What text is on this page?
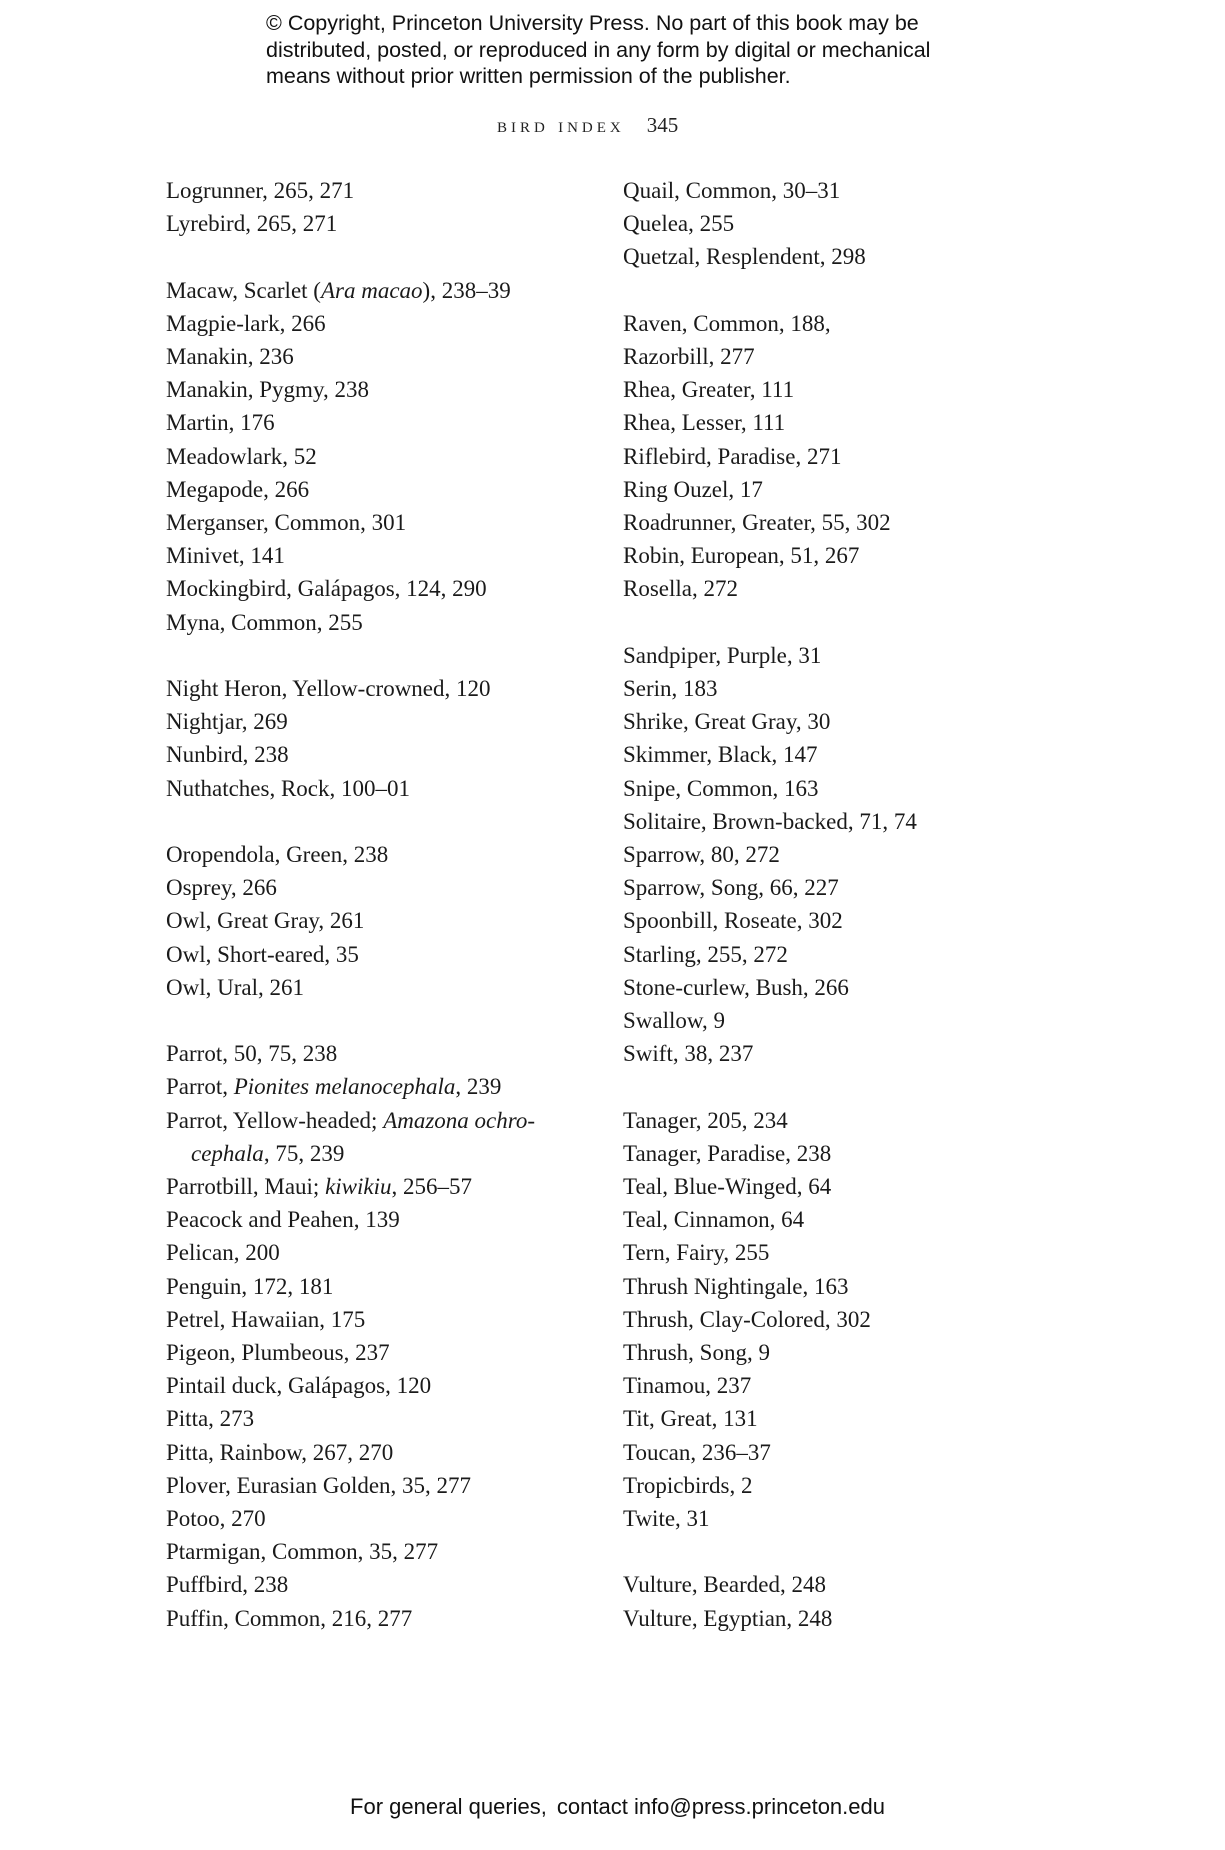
© Copyright, Princeton University Press. No part of this book may be
distributed, posted, or reproduced in any form by digital or mechanical
means without prior written permission of the publisher.
bird index 345
Logrunner, 265, 271
Lyrebird, 265, 271
Macaw, Scarlet (Ara macao), 238–39
Magpie-lark, 266
Manakin, 236
Manakin, Pygmy, 238
Martin, 176
Meadowlark, 52
Megapode, 266
Merganser, Common, 301
Minivet, 141
Mockingbird, Galápagos, 124, 290
Myna, Common, 255
Night Heron, Yellow-crowned, 120
Nightjar, 269
Nunbird, 238
Nuthatches, Rock, 100–01
Oropendola, Green, 238
Osprey, 266
Owl, Great Gray, 261
Owl, Short-eared, 35
Owl, Ural, 261
Parrot, 50, 75, 238
Parrot, Pionites melanocephala, 239
Parrot, Yellow-headed; Amazona ochro-
cephala, 75, 239
Parrotbill, Maui; kiwikiu, 256–57
Peacock and Peahen, 139
Pelican, 200
Penguin, 172, 181
Petrel, Hawaiian, 175
Pigeon, Plumbeous, 237
Pintail duck, Galápagos, 120
Pitta, 273
Pitta, Rainbow, 267, 270
Plover, Eurasian Golden, 35, 277
Potoo, 270
Ptarmigan, Common, 35, 277
Puffbird, 238
Puffin, Common, 216, 277
Quail, Common, 30–31
Quelea, 255
Quetzal, Resplendent, 298
Raven, Common, 188,
Razorbill, 277
Rhea, Greater, 111
Rhea, Lesser, 111
Riflebird, Paradise, 271
Ring Ouzel, 17
Roadrunner, Greater, 55, 302
Robin, European, 51, 267
Rosella, 272
Sandpiper, Purple, 31
Serin, 183
Shrike, Great Gray, 30
Skimmer, Black, 147
Snipe, Common, 163
Solitaire, Brown-backed, 71, 74
Sparrow, 80, 272
Sparrow, Song, 66, 227
Spoonbill, Roseate, 302
Starling, 255, 272
Stone-curlew, Bush, 266
Swallow, 9
Swift, 38, 237
Tanager, 205, 234
Tanager, Paradise, 238
Teal, Blue-Winged, 64
Teal, Cinnamon, 64
Tern, Fairy, 255
Thrush Nightingale, 163
Thrush, Clay-Colored, 302
Thrush, Song, 9
Tinamou, 237
Tit, Great, 131
Toucan, 236–37
Tropicbirds, 2
Twite, 31
Vulture, Bearded, 248
Vulture, Egyptian, 248
For general queries, contact info@press.princeton.edu
